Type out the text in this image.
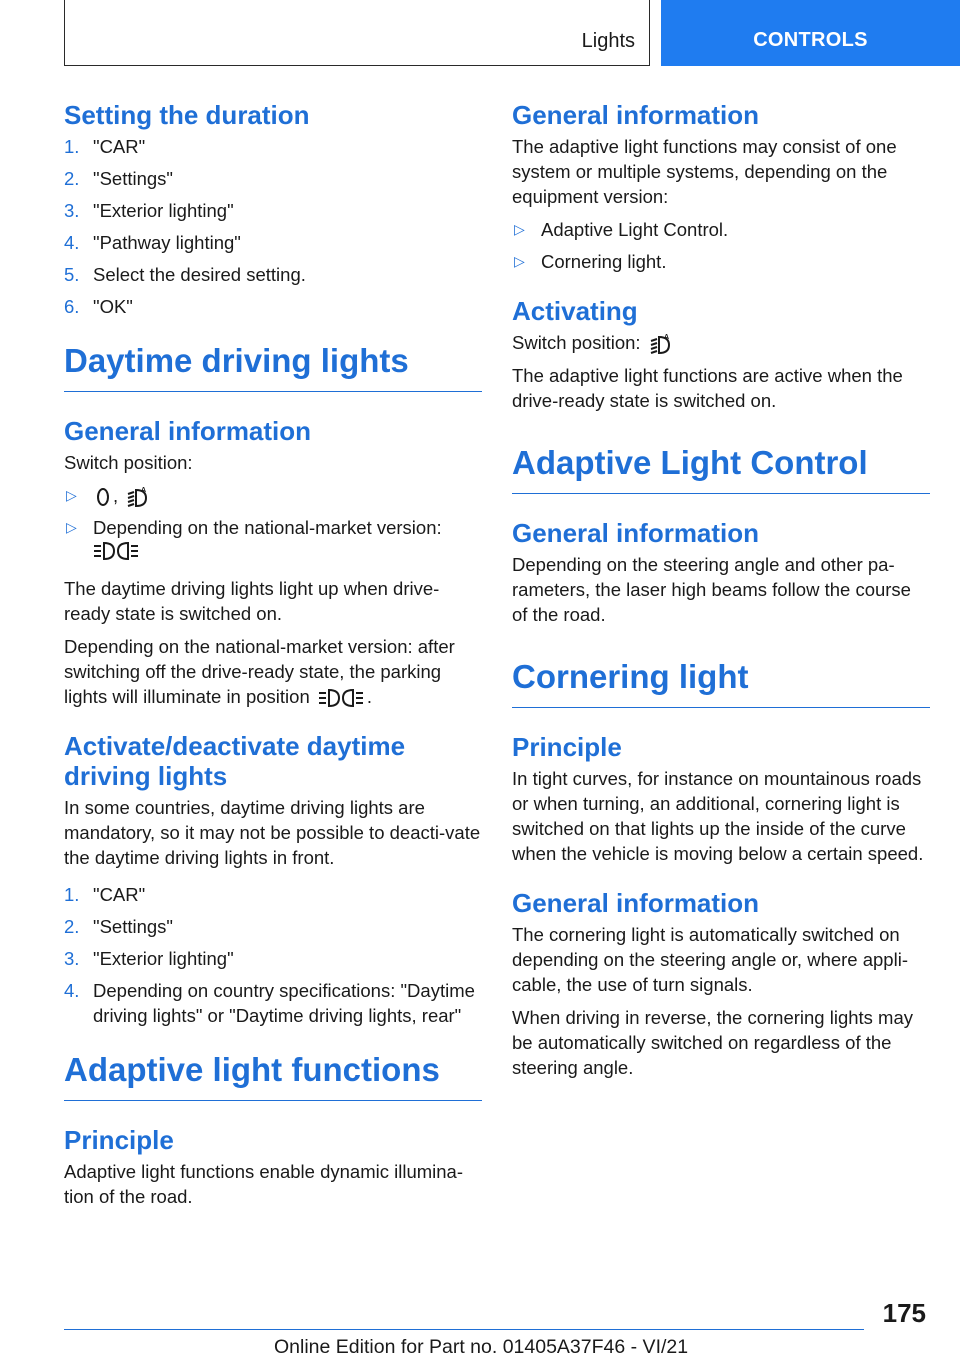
Lights	CONTROLS
Setting the duration
1. "CAR"
2. "Settings"
3. "Exterior lighting"
4. "Pathway lighting"
5. Select the desired setting.
6. "OK"
Daytime driving lights
General information

Switch position:

▷ ,	A
▷ Depending on the national-market version:

The daytime driving lights light up when drive-ready state is switched on.

Depending on the national-market version: after switching off the drive-ready state, the parking lights will illuminate in position	.

Activate/deactivate daytime driving lights

In some countries, daytime driving lights are mandatory, so it may not be possible to deacti-vate the daytime driving lights in front.

1. "CAR"
2. "Settings"
3. "Exterior lighting"
4. Depending on country specifications: "Daytime driving lights" or "Daytime driving lights, rear"
Adaptive light functions
Principle

Adaptive light functions enable dynamic illumina-tion of the road.

General information

The adaptive light functions may consist of one system or multiple systems, depending on the equipment version:

▷ Adaptive Light Control.
▷ Cornering light.
Activating

Switch position:	A

The adaptive light functions are active when the drive-ready state is switched on.

Adaptive Light Control
General information

Depending on the steering angle and other pa-rameters, the laser high beams follow the course of the road.

Cornering light
Principle

In tight curves, for instance on mountainous roads or when turning, an additional, cornering light is switched on that lights up the inside of the curve when the vehicle is moving below a certain speed.

General information

The cornering light is automatically switched on depending on the steering angle or, where appli-cable, the use of turn signals.

When driving in reverse, the cornering lights may be automatically switched on regardless of the steering angle.

175
Online Edition for Part no. 01405A37F46 - VI/21
